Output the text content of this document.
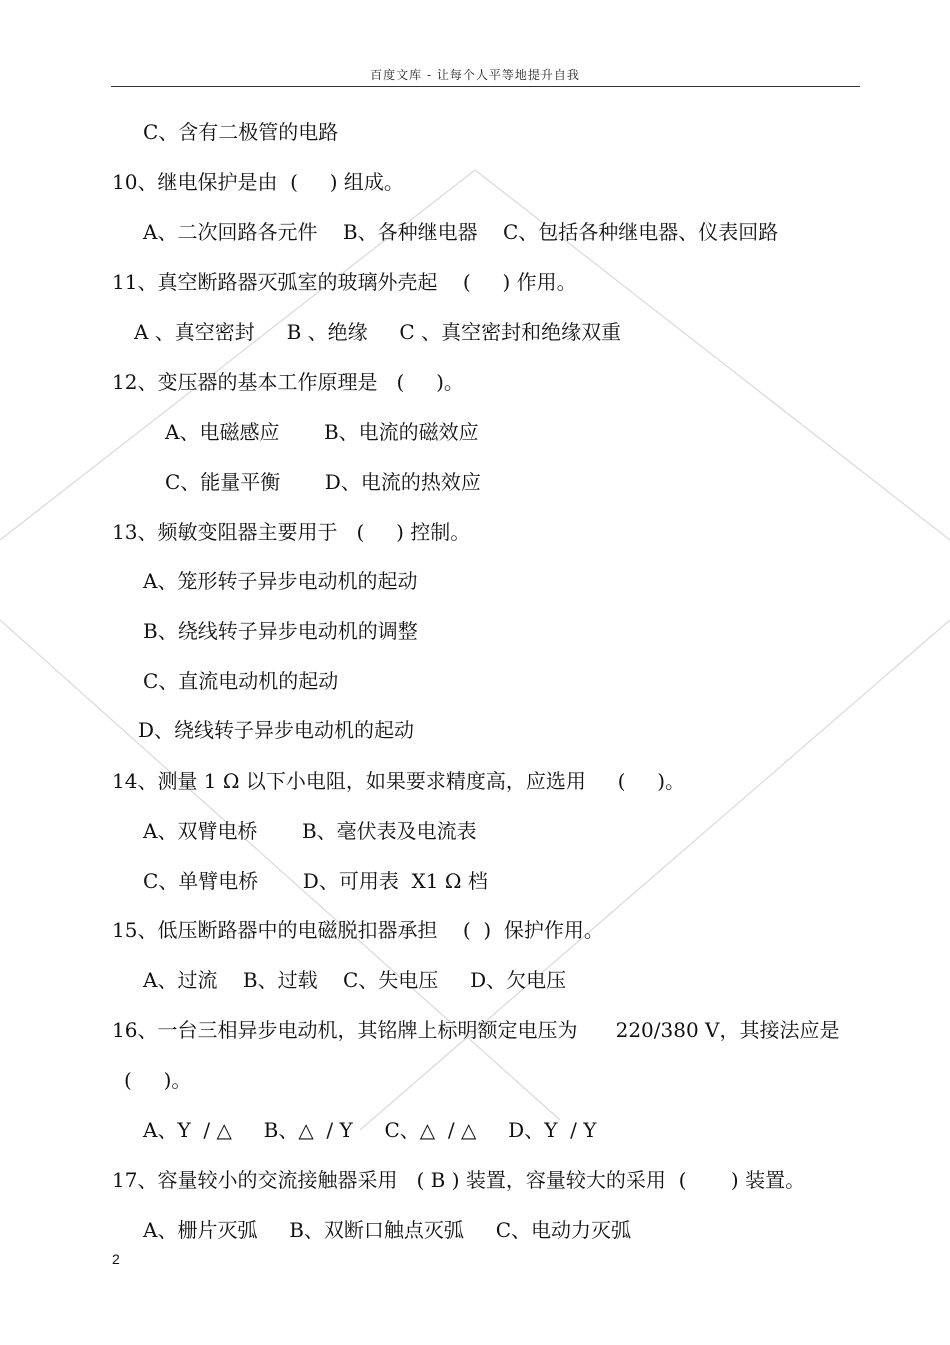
百度文库 - 让每个人平等地提升自我
C、含有二极管的电路
10、继电保护是由  (     ) 组成。
A、二次回路各元件    B、各种继电器    C、包括各种继电器、仪表回路
11、真空断路器灭弧室的玻璃外壳起    (     ) 作用。
A 、真空密封     B 、绝缘     C 、真空密封和绝缘双重
12、变压器的基本工作原理是   (     )。
A、电磁感应       B、电流的磁效应
C、能量平衡       D、电流的热效应
13、频敏变阻器主要用于   (     ) 控制。
A、笼形转子异步电动机的起动
B、绕线转子异步电动机的调整
C、直流电动机的起动
D、绕线转子异步电动机的起动
14、测量 1 Ω 以下小电阻，如果要求精度高，应选用     (     )。
A、双臂电桥       B、毫伏表及电流表
C、单臂电桥       D、可用表  X1 Ω 档
15、低压断路器中的电磁脱扣器承担    (  )  保护作用。
A、过流    B、过载    C、失电压     D、欠电压
16、一台三相异步电动机，其铭牌上标明额定电压为      220/380 V，其接法应是
(     )。
A、Y  / △     B、△  / Y     C、△  / △     D、Y  / Y
17、容量较小的交流接触器采用   ( B ) 装置，容量较大的采用  (       ) 装置。
A、栅片灭弧     B、双断口触点灭弧     C、电动力灭弧
2
